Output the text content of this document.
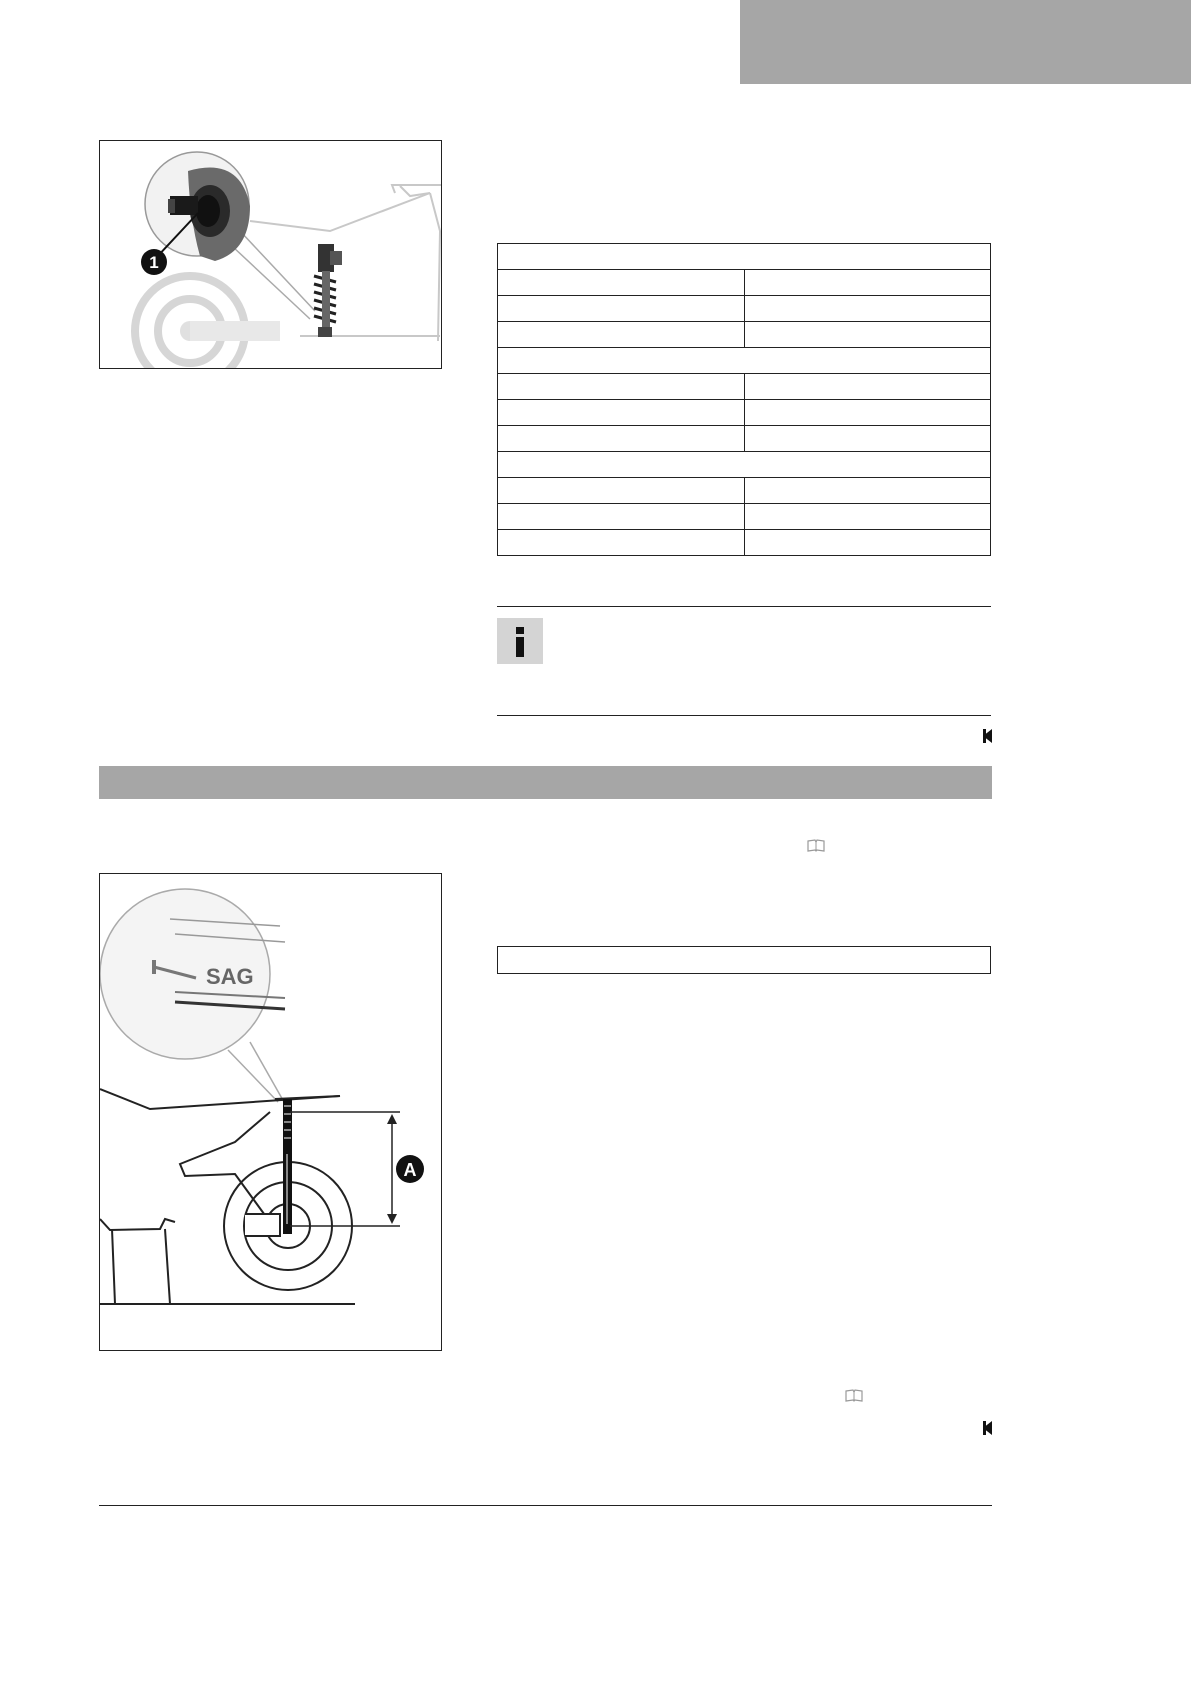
1

SAG
A
